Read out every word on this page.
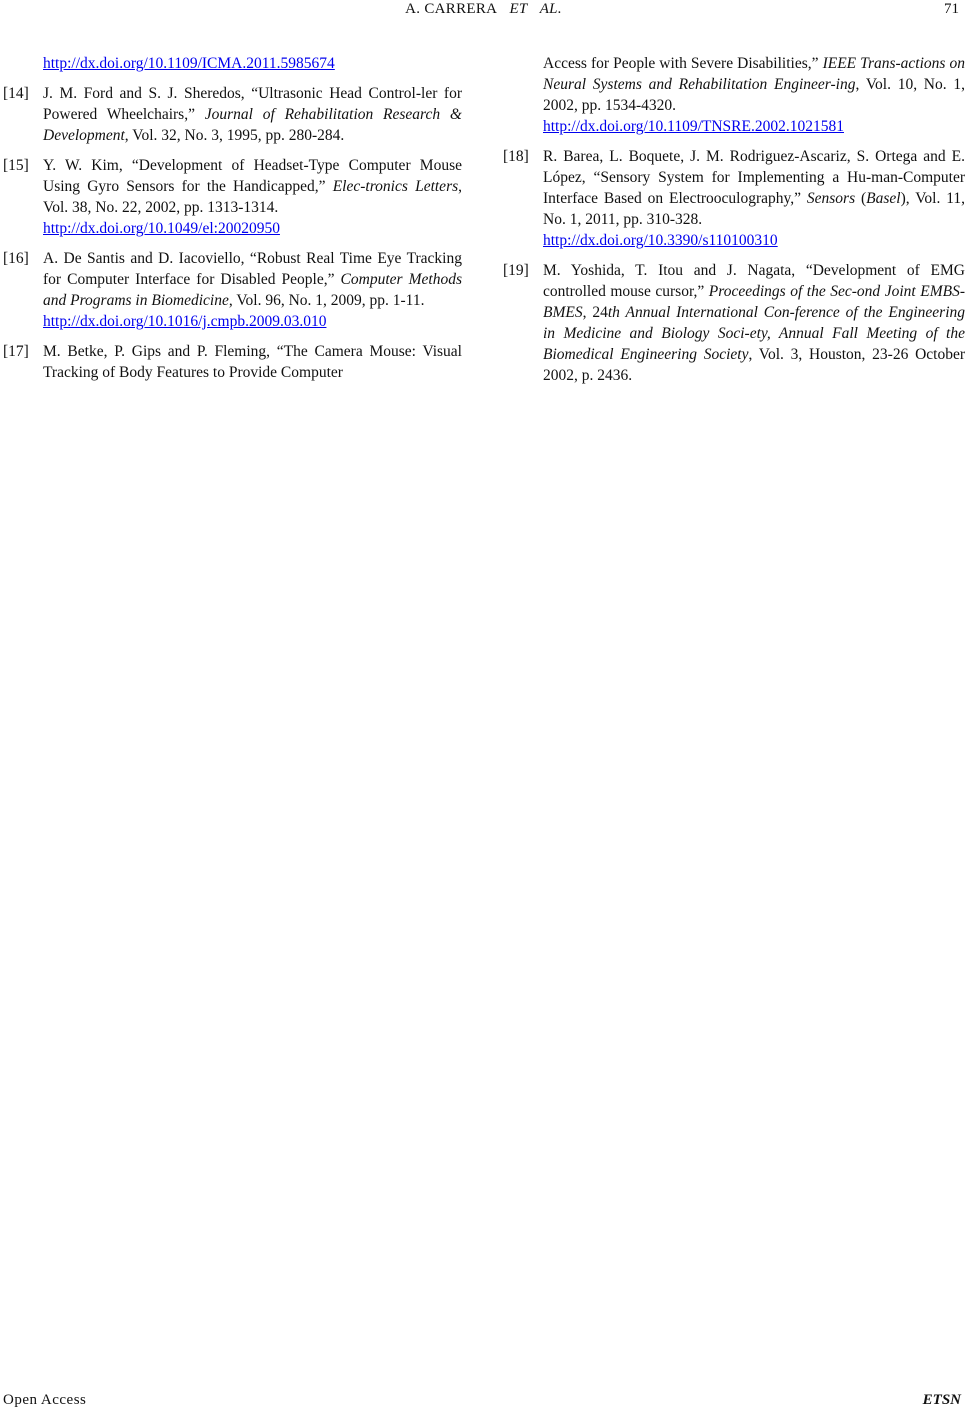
A. CARRERA ET AL.	71
http://dx.doi.org/10.1109/ICMA.2011.5985674
[14] J. M. Ford and S. J. Sheredos, “Ultrasonic Head Control-ler for Powered Wheelchairs,” Journal of Rehabilitation Research & Development, Vol. 32, No. 3, 1995, pp. 280-284.
[15] Y. W. Kim, “Development of Headset-Type Computer Mouse Using Gyro Sensors for the Handicapped,” Elec-tronics Letters, Vol. 38, No. 22, 2002, pp. 1313-1314.
http://dx.doi.org/10.1049/el:20020950
[16] A. De Santis and D. Iacoviello, “Robust Real Time Eye Tracking for Computer Interface for Disabled People,” Computer Methods and Programs in Biomedicine, Vol. 96, No. 1, 2009, pp. 1-11.
http://dx.doi.org/10.1016/j.cmpb.2009.03.010
[17] M. Betke, P. Gips and P. Fleming, “The Camera Mouse: Visual Tracking of Body Features to Provide Computer
Access for People with Severe Disabilities,” IEEE Trans-actions on Neural Systems and Rehabilitation Engineer-ing, Vol. 10, No. 1, 2002, pp. 1534-4320.
http://dx.doi.org/10.1109/TNSRE.2002.1021581
[18] R. Barea, L. Boquete, J. M. Rodriguez-Ascariz, S. Ortega and E. López, “Sensory System for Implementing a Hu-man-Computer Interface Based on Electrooculography,” Sensors (Basel), Vol. 11, No. 1, 2011, pp. 310-328.
http://dx.doi.org/10.3390/s110100310
[19] M. Yoshida, T. Itou and J. Nagata, “Development of EMG controlled mouse cursor,” Proceedings of the Sec-ond Joint EMBS-BMES, 24th Annual International Con-ference of the Engineering in Medicine and Biology Soci-ety, Annual Fall Meeting of the Biomedical Engineering Society, Vol. 3, Houston, 23-26 October 2002, p. 2436.
Open Access	ETSN
